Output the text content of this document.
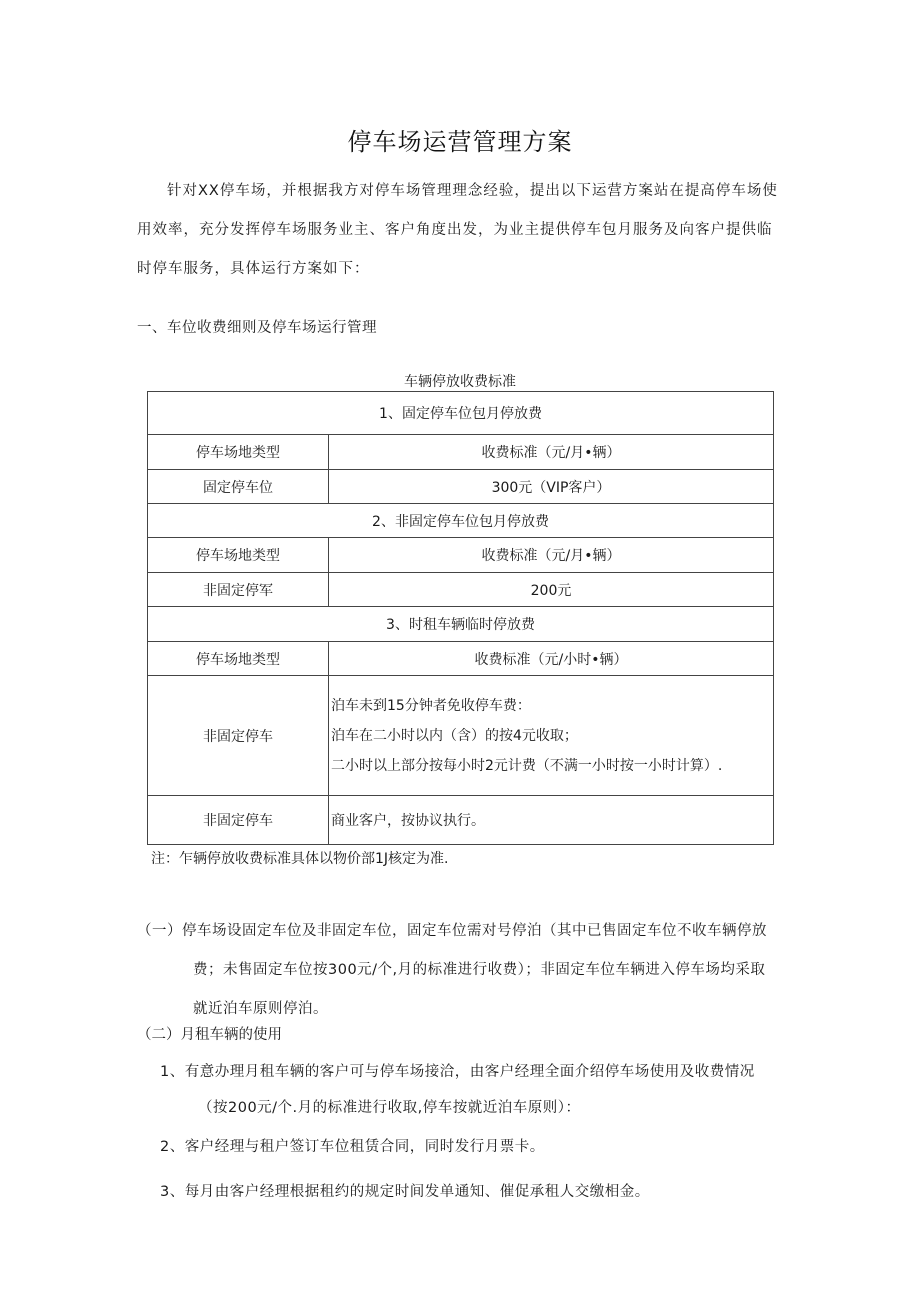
停车场运营管理方案
针对XX停车场，并根据我方对停车场管理理念经验，提出以下运营方案站在提高停车场使用效率，充分发挥停车场服务业主、客户角度出发，为业主提供停车包月服务及向客户提供临时停车服务，具体运行方案如下：
一、车位收费细则及停车场运行管理
车辆停放收费标准
1、固定停车位包月停放费	
停车场地类型	收费标准（元/月•辆）
固定停车位	300元（VIP客户）
2、非固定停车位包月停放费	
停车场地类型	收费标准（元/月•辆）
非固定停军	200元
3、时租车辆临时停放费	
停车场地类型	收费标准（元/小时•辆）
非固定停车	泊车未到15分钟者免收停车费：
泊车在二小时以内（含）的按4元收取；
二小时以上部分按每小时2元计费（不满一小时按一小时计算）.

非固定停车	商业客户，按协议执行。
注：乍辆停放收费标准具体以物价部1J核定为准.
（一）停车场设固定车位及非固定车位，固定车位需对号停泊（其中已售固定车位不收车辆停放
费；未售固定车位按300元/个,月的标准进行收费）；非固定车位车辆进入停车场均采取
就近泊车原则停泊。
（二）月租车辆的使用
1、有意办理月租车辆的客户可与停车场接洽，由客户经理全面介绍停车场使用及收费情况
（按200元/个.月的标准进行收取,停车按就近泊车原则）：
2、客户经理与租户签订车位租赁合同，同时发行月票卡。
3、每月由客户经理根据租约的规定时间发单通知、催促承租人交缴相金。
